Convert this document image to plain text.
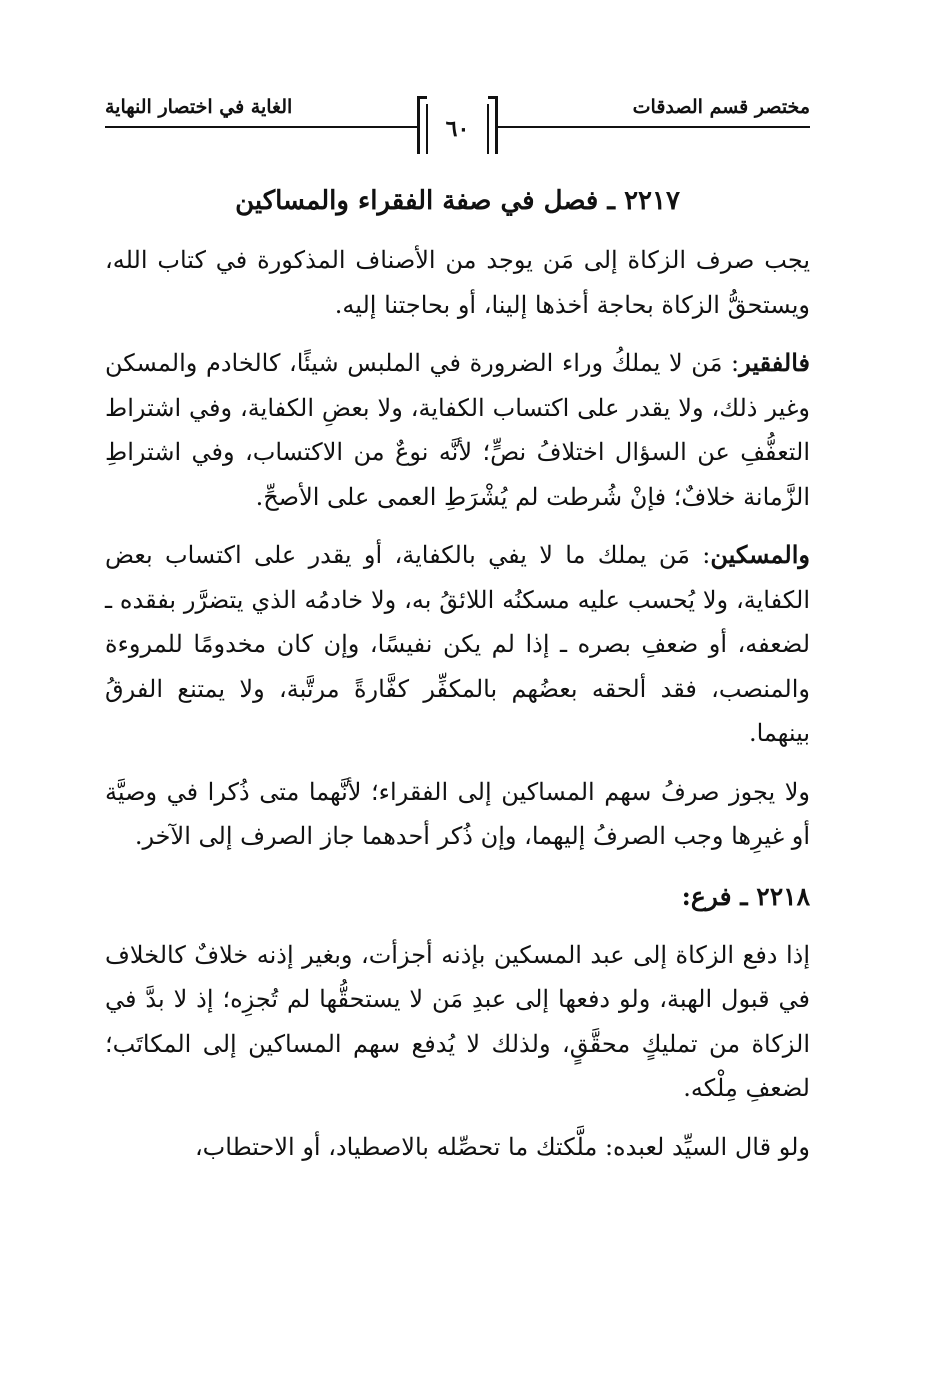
مختصر قسم الصدقات
الغاية في اختصار النهاية
٦٠
٢٢١٧ ـ فصل في صفة الفقراء والمساكين

يجب صرف الزكاة إلى مَن يوجد من الأصناف المذكورة في كتاب الله، ويستحقُّ الزكاة بحاجة أخذها إلينا، أو بحاجتنا إليه.

فالفقير: مَن لا يملكُ وراء الضرورة في الملبس شيئًا، كالخادم والمسكن وغير ذلك، ولا يقدر على اكتساب الكفاية، ولا بعضِ الكفاية، وفي اشتراط التعفُّفِ عن السؤال اختلافُ نصٍّ؛ لأنَّه نوعٌ من الاكتساب، وفي اشتراطِ الزَّمانة خلافٌ؛ فإنْ شُرطت لم يُشْرَطِ العمى على الأصحِّ.

والمسكين: مَن يملك ما لا يفي بالكفاية، أو يقدر على اكتساب بعض الكفاية، ولا يُحسب عليه مسكنُه اللائقُ به، ولا خادمُه الذي يتضرَّر بفقده ـ لضعفه، أو ضعفِ بصره ـ إذا لم يكن نفيسًا، وإن كان مخدومًا للمروءة والمنصب، فقد ألحقه بعضُهم بالمكفِّر كفَّارةً مرتَّبة، ولا يمتنع الفرقُ بينهما.

ولا يجوز صرفُ سهم المساكين إلى الفقراء؛ لأنَّهما متى ذُكرا في وصيَّة أو غيرِها وجب الصرفُ إليهما، وإن ذُكر أحدهما جاز الصرف إلى الآخر.

٢٢١٨ ـ فرع:

إذا دفع الزكاة إلى عبد المسكين بإذنه أجزأت، وبغير إذنه خلافٌ كالخلاف في قبول الهبة، ولو دفعها إلى عبدِ مَن لا يستحقُّها لم تُجزِه؛ إذ لا بدَّ في الزكاة من تمليكٍ محقَّقٍ، ولذلك لا يُدفع سهم المساكين إلى المكاتَب؛ لضعفِ مِلْكه.

ولو قال السيِّد لعبده: ملَّكتك ما تحصِّله بالاصطياد، أو الاحتطاب،
